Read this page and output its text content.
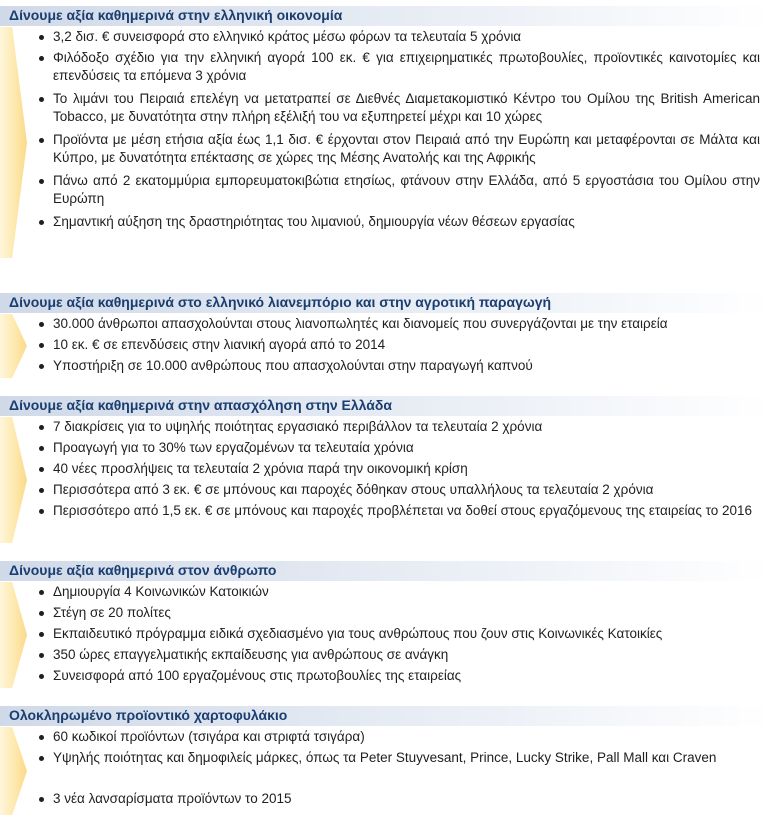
Δίνουμε αξία καθημερινά στην ελληνική οικονομία
3,2 δισ. € συνεισφορά στο ελληνικό κράτος μέσω φόρων τα τελευταία 5 χρόνια
Φιλόδοξο σχέδιο για την ελληνική αγορά 100 εκ. € για επιχειρηματικές πρωτοβουλίες, προϊοντικές καινοτομίες και επενδύσεις τα επόμενα 3 χρόνια
Το λιμάνι του Πειραιά επελέγη να μετατραπεί σε Διεθνές Διαμετακομιστικό Κέντρο του Ομίλου της British American Tobacco, με δυνατότητα στην πλήρη εξέλιξή του να εξυπηρετεί μέχρι και 10 χώρες
Προϊόντα με μέση ετήσια αξία έως 1,1 δισ. € έρχονται στον Πειραιά από την Ευρώπη και μεταφέρονται σε Μάλτα και Κύπρο, με δυνατότητα επέκτασης σε χώρες της Μέσης Ανατολής και της Αφρικής
Πάνω από 2 εκατομμύρια εμπορευματοκιβώτια ετησίως, φτάνουν στην Ελλάδα, από 5 εργοστάσια του Ομίλου στην Ευρώπη
Σημαντική αύξηση της δραστηριότητας του λιμανιού, δημιουργία νέων θέσεων εργασίας
Δίνουμε αξία καθημερινά στο ελληνικό λιανεμπόριο και στην αγροτική παραγωγή
30.000 άνθρωποι απασχολούνται στους λιανοπωλητές και διανομείς που συνεργάζονται με την εταιρεία
10 εκ. € σε επενδύσεις στην λιανική αγορά από το 2014
Υποστήριξη σε 10.000 ανθρώπους που απασχολούνται στην παραγωγή καπνού
Δίνουμε αξία καθημερινά στην απασχόληση στην Ελλάδα
7 διακρίσεις για το υψηλής ποιότητας εργασιακό περιβάλλον τα τελευταία 2 χρόνια
Προαγωγή για το 30% των εργαζομένων τα τελευταία χρόνια
40 νέες προσλήψεις τα τελευταία 2 χρόνια παρά την οικονομική κρίση
Περισσότερα από 3 εκ. € σε μπόνους και παροχές δόθηκαν στους υπαλλήλους τα τελευταία 2 χρόνια
Περισσότερο από 1,5 εκ. € σε μπόνους και παροχές προβλέπεται να δοθεί στους εργαζόμενους της εταιρείας το 2016
Δίνουμε αξία καθημερινά στον άνθρωπο
Δημιουργία 4 Κοινωνικών Κατοικιών
Στέγη σε 20 πολίτες
Εκπαιδευτικό πρόγραμμα ειδικά σχεδιασμένο για τους ανθρώπους που ζουν στις Κοινωνικές Κατοικίες
350 ώρες επαγγελματικής εκπαίδευσης για ανθρώπους σε ανάγκη
Συνεισφορά από 100 εργαζομένους στις πρωτοβουλίες της εταιρείας
Ολοκληρωμένο προϊοντικό χαρτοφυλάκιο
60 κωδικοί προϊόντων (τσιγάρα και στριφτά τσιγάρα)
Υψηλής ποιότητας και δημοφιλείς μάρκες, όπως τα Peter Stuyvesant, Prince, Lucky Strike, Pall Mall και Craven
3 νέα λανσαρίσματα προϊόντων το 2015
